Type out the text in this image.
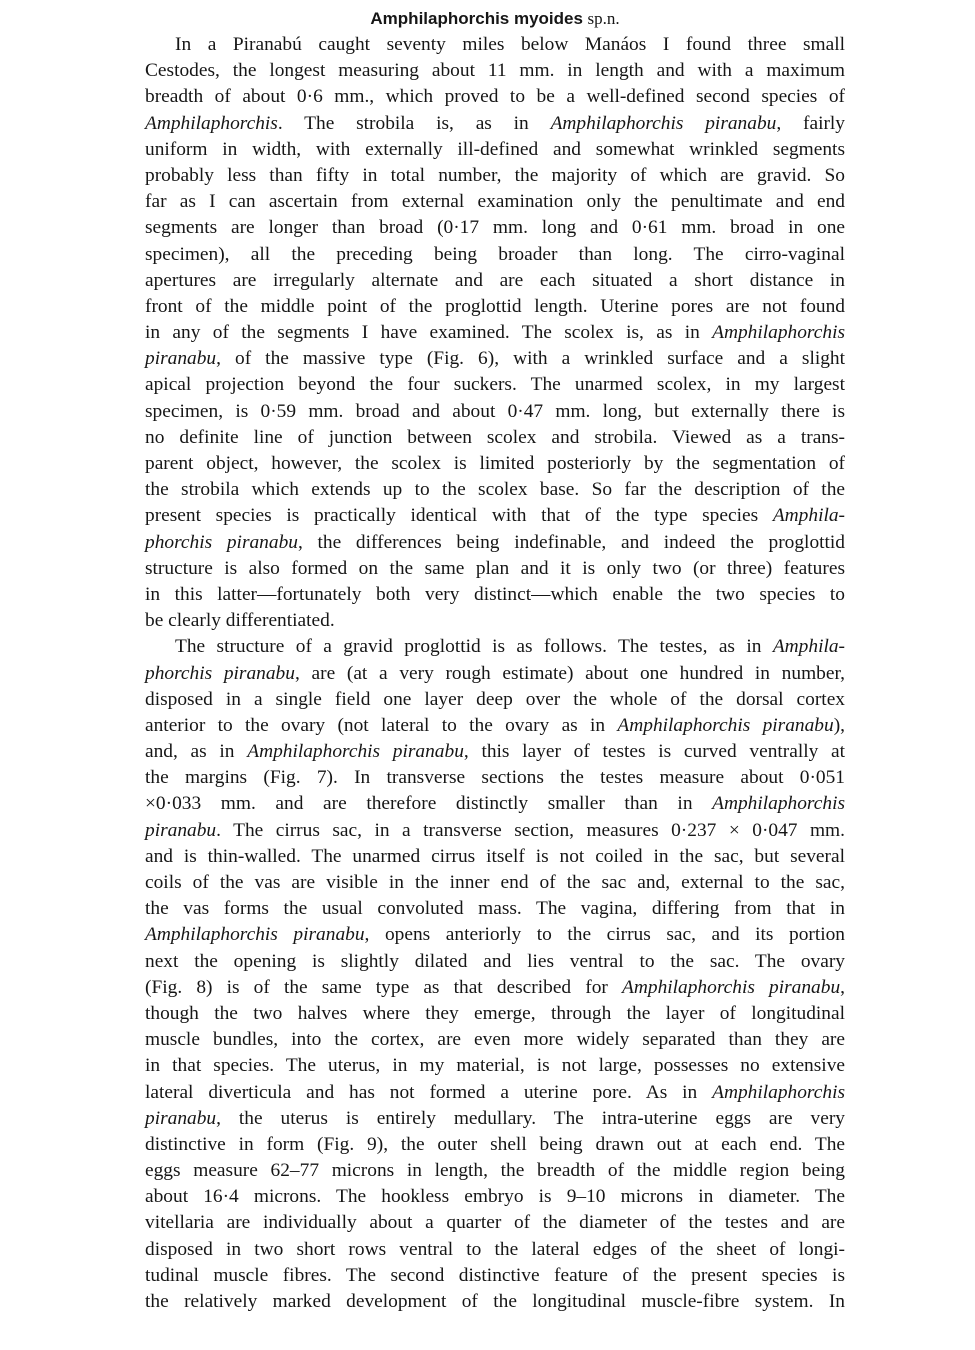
Amphilaphorchis myoides sp.n.
In a Piranabú caught seventy miles below Manáos I found three small
Cestodes, the longest measuring about 11 mm. in length and with a maximum
breadth of about 0·6 mm., which proved to be a well-defined second species of
Amphilaphorchis. The strobila is, as in Amphilaphorchis piranabu, fairly
uniform in width, with externally ill-defined and somewhat wrinkled segments
probably less than fifty in total number, the majority of which are gravid. So
far as I can ascertain from external examination only the penultimate and end
segments are longer than broad (0·17 mm. long and 0·61 mm. broad in one
specimen), all the preceding being broader than long. The cirro-vaginal
apertures are irregularly alternate and are each situated a short distance in
front of the middle point of the proglottid length. Uterine pores are not found
in any of the segments I have examined. The scolex is, as in Amphilaphorchis
piranabu, of the massive type (Fig. 6), with a wrinkled surface and a slight
apical projection beyond the four suckers. The unarmed scolex, in my largest
specimen, is 0·59 mm. broad and about 0·47 mm. long, but externally there is
no definite line of junction between scolex and strobila. Viewed as a trans-
parent object, however, the scolex is limited posteriorly by the segmentation of
the strobila which extends up to the scolex base. So far the description of the
present species is practically identical with that of the type species Amphila-
phorchis piranabu, the differences being indefinable, and indeed the proglottid
structure is also formed on the same plan and it is only two (or three) features
in this latter—fortunately both very distinct—which enable the two species to
be clearly differentiated.
The structure of a gravid proglottid is as follows. The testes, as in Amphila-
phorchis piranabu, are (at a very rough estimate) about one hundred in number,
disposed in a single field one layer deep over the whole of the dorsal cortex
anterior to the ovary (not lateral to the ovary as in Amphilaphorchis piranabu),
and, as in Amphilaphorchis piranabu, this layer of testes is curved ventrally at
the margins (Fig. 7). In transverse sections the testes measure about 0·051
×0·033 mm. and are therefore distinctly smaller than in Amphilaphorchis
piranabu. The cirrus sac, in a transverse section, measures 0·237 × 0·047 mm.
and is thin-walled. The unarmed cirrus itself is not coiled in the sac, but several
coils of the vas are visible in the inner end of the sac and, external to the sac,
the vas forms the usual convoluted mass. The vagina, differing from that in
Amphilaphorchis piranabu, opens anteriorly to the cirrus sac, and its portion
next the opening is slightly dilated and lies ventral to the sac. The ovary
(Fig. 8) is of the same type as that described for Amphilaphorchis piranabu,
though the two halves where they emerge, through the layer of longitudinal
muscle bundles, into the cortex, are even more widely separated than they are
in that species. The uterus, in my material, is not large, possesses no extensive
lateral diverticula and has not formed a uterine pore. As in Amphilaphorchis
piranabu, the uterus is entirely medullary. The intra-uterine eggs are very
distinctive in form (Fig. 9), the outer shell being drawn out at each end. The
eggs measure 62–77 microns in length, the breadth of the middle region being
about 16·4 microns. The hookless embryo is 9–10 microns in diameter. The
vitellaria are individually about a quarter of the diameter of the testes and are
disposed in two short rows ventral to the lateral edges of the sheet of longi-
tudinal muscle fibres. The second distinctive feature of the present species is
the relatively marked development of the longitudinal muscle-fibre system. In
